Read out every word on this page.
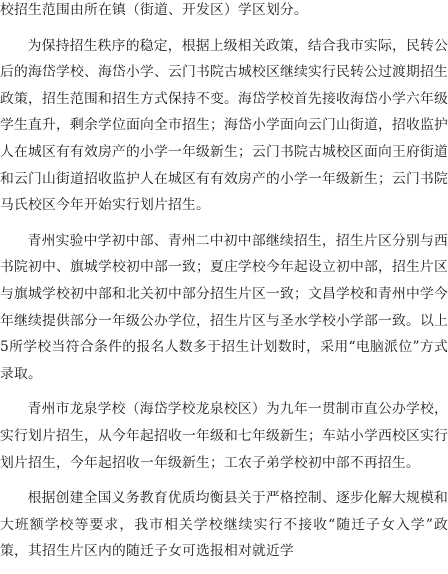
校招生范围由所在镇（街道、开发区）学区划分。

为保持招生秩序的稳定，根据上级相关政策，结合我市实际，民转公后的海岱学校、海岱小学、云门书院古城校区继续实行民转公过渡期招生政策，招生范围和招生方式保持不变。海岱学校首先接收海岱小学六年级学生直升，剩余学位面向全市招生；海岱小学面向云门山街道，招收监护人在城区有有效房产的小学一年级新生；云门书院古城校区面向王府街道和云门山街道招收监护人在城区有有效房产的小学一年级新生；云门书院马氏校区今年开始实行划片招生。

青州实验中学初中部、青州二中初中部继续招生，招生片区分别与西书院初中、旗城学校初中部一致；夏庄学校今年起设立初中部，招生片区与旗城学校初中部和北关初中部分招生片区一致；文昌学校和青州中学今年继续提供部分一年级公办学位，招生片区与圣水学校小学部一致。以上5所学校当符合条件的报名人数多于招生计划数时，采用“电脑派位”方式录取。

青州市龙泉学校（海岱学校龙泉校区）为九年一贯制市直公办学校，实行划片招生，从今年起招收一年级和七年级新生；车站小学西校区实行划片招生，今年起招收一年级新生；工农子弟学校初中部不再招生。

根据创建全国义务教育优质均衡县关于严格控制、逐步化解大规模和大班额学校等要求，我市相关学校继续实行不接收“随迁子女入学”政策，其招生片区内的随迁子女可选报相对就近学
